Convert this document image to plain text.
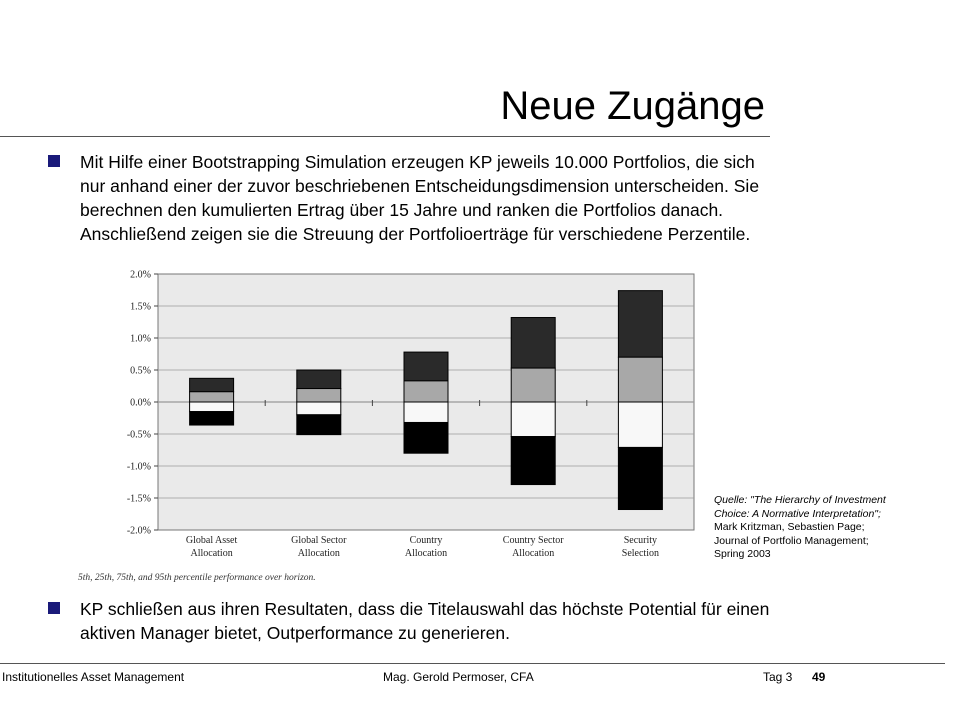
Neue Zugänge
Mit Hilfe einer Bootstrapping Simulation erzeugen KP jeweils 10.000 Portfolios, die sich
nur anhand einer der zuvor beschriebenen Entscheidungsdimension unterscheiden. Sie
berechnen den kumulierten Ertrag über 15 Jahre und ranken die Portfolios danach.
Anschließend zeigen sie die Streuung der Portfolioerträge für verschiedene Perzentile.
2.0%
1.5%
1.0%
0.5%
0.0%
-0.5%
-1.0%
-1.5%
-2.0%
Global Asset
Allocation
Global Sector
Allocation
Country
Allocation
Country Sector
Allocation
Security
Selection
5th, 25th, 75th, and 95th percentile performance over horizon.
Quelle: "The Hierarchy of Investment
Choice: A Normative Interpretation";
Mark Kritzman, Sebastien Page;
Journal of Portfolio Management;
Spring 2003
KP schließen aus ihren Resultaten, dass die Titelauswahl das höchste Potential für einen
aktiven Manager bietet, Outperformance zu generieren.
Institutionelles Asset Management	Mag. Gerold Permoser, CFA	Tag 3 49
